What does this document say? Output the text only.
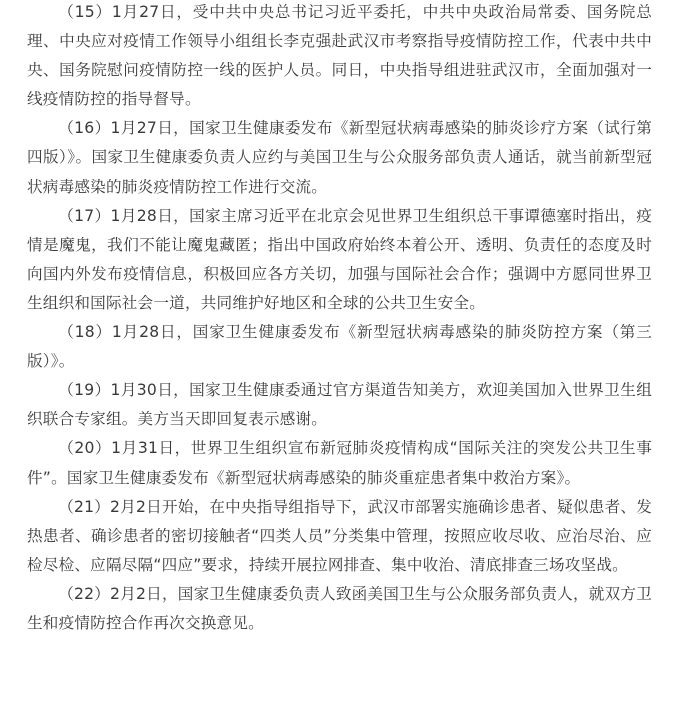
（15）1月27日，受中共中央总书记习近平委托，中共中央政治局常委、国务院总理、中央应对疫情工作领导小组组长李克强赴武汉市考察指导疫情防控工作，代表中共中央、国务院慰问疫情防控一线的医护人员。同日，中央指导组进驻武汉市，全面加强对一线疫情防控的指导督导。

（16）1月27日，国家卫生健康委发布《新型冠状病毒感染的肺炎诊疗方案（试行第四版）》。国家卫生健康委负责人应约与美国卫生与公众服务部负责人通话，就当前新型冠状病毒感染的肺炎疫情防控工作进行交流。

（17）1月28日，国家主席习近平在北京会见世界卫生组织总干事谭德塞时指出，疫情是魔鬼，我们不能让魔鬼藏匿；指出中国政府始终本着公开、透明、负责任的态度及时向国内外发布疫情信息，积极回应各方关切，加强与国际社会合作；强调中方愿同世界卫生组织和国际社会一道，共同维护好地区和全球的公共卫生安全。

（18）1月28日，国家卫生健康委发布《新型冠状病毒感染的肺炎防控方案（第三版）》。

（19）1月30日，国家卫生健康委通过官方渠道告知美方，欢迎美国加入世界卫生组织联合专家组。美方当天即回复表示感谢。

（20）1月31日，世界卫生组织宣布新冠肺炎疫情构成“国际关注的突发公共卫生事件”。国家卫生健康委发布《新型冠状病毒感染的肺炎重症患者集中救治方案》。

（21）2月2日开始，在中央指导组指导下，武汉市部署实施确诊患者、疑似患者、发热患者、确诊患者的密切接触者“四类人员”分类集中管理，按照应收尽收、应治尽治、应检尽检、应隔尽隔“四应”要求，持续开展拉网排查、集中收治、清底排查三场攻坚战。

（22）2月2日，国家卫生健康委负责人致函美国卫生与公众服务部负责人，就双方卫生和疫情防控合作再次交换意见。
